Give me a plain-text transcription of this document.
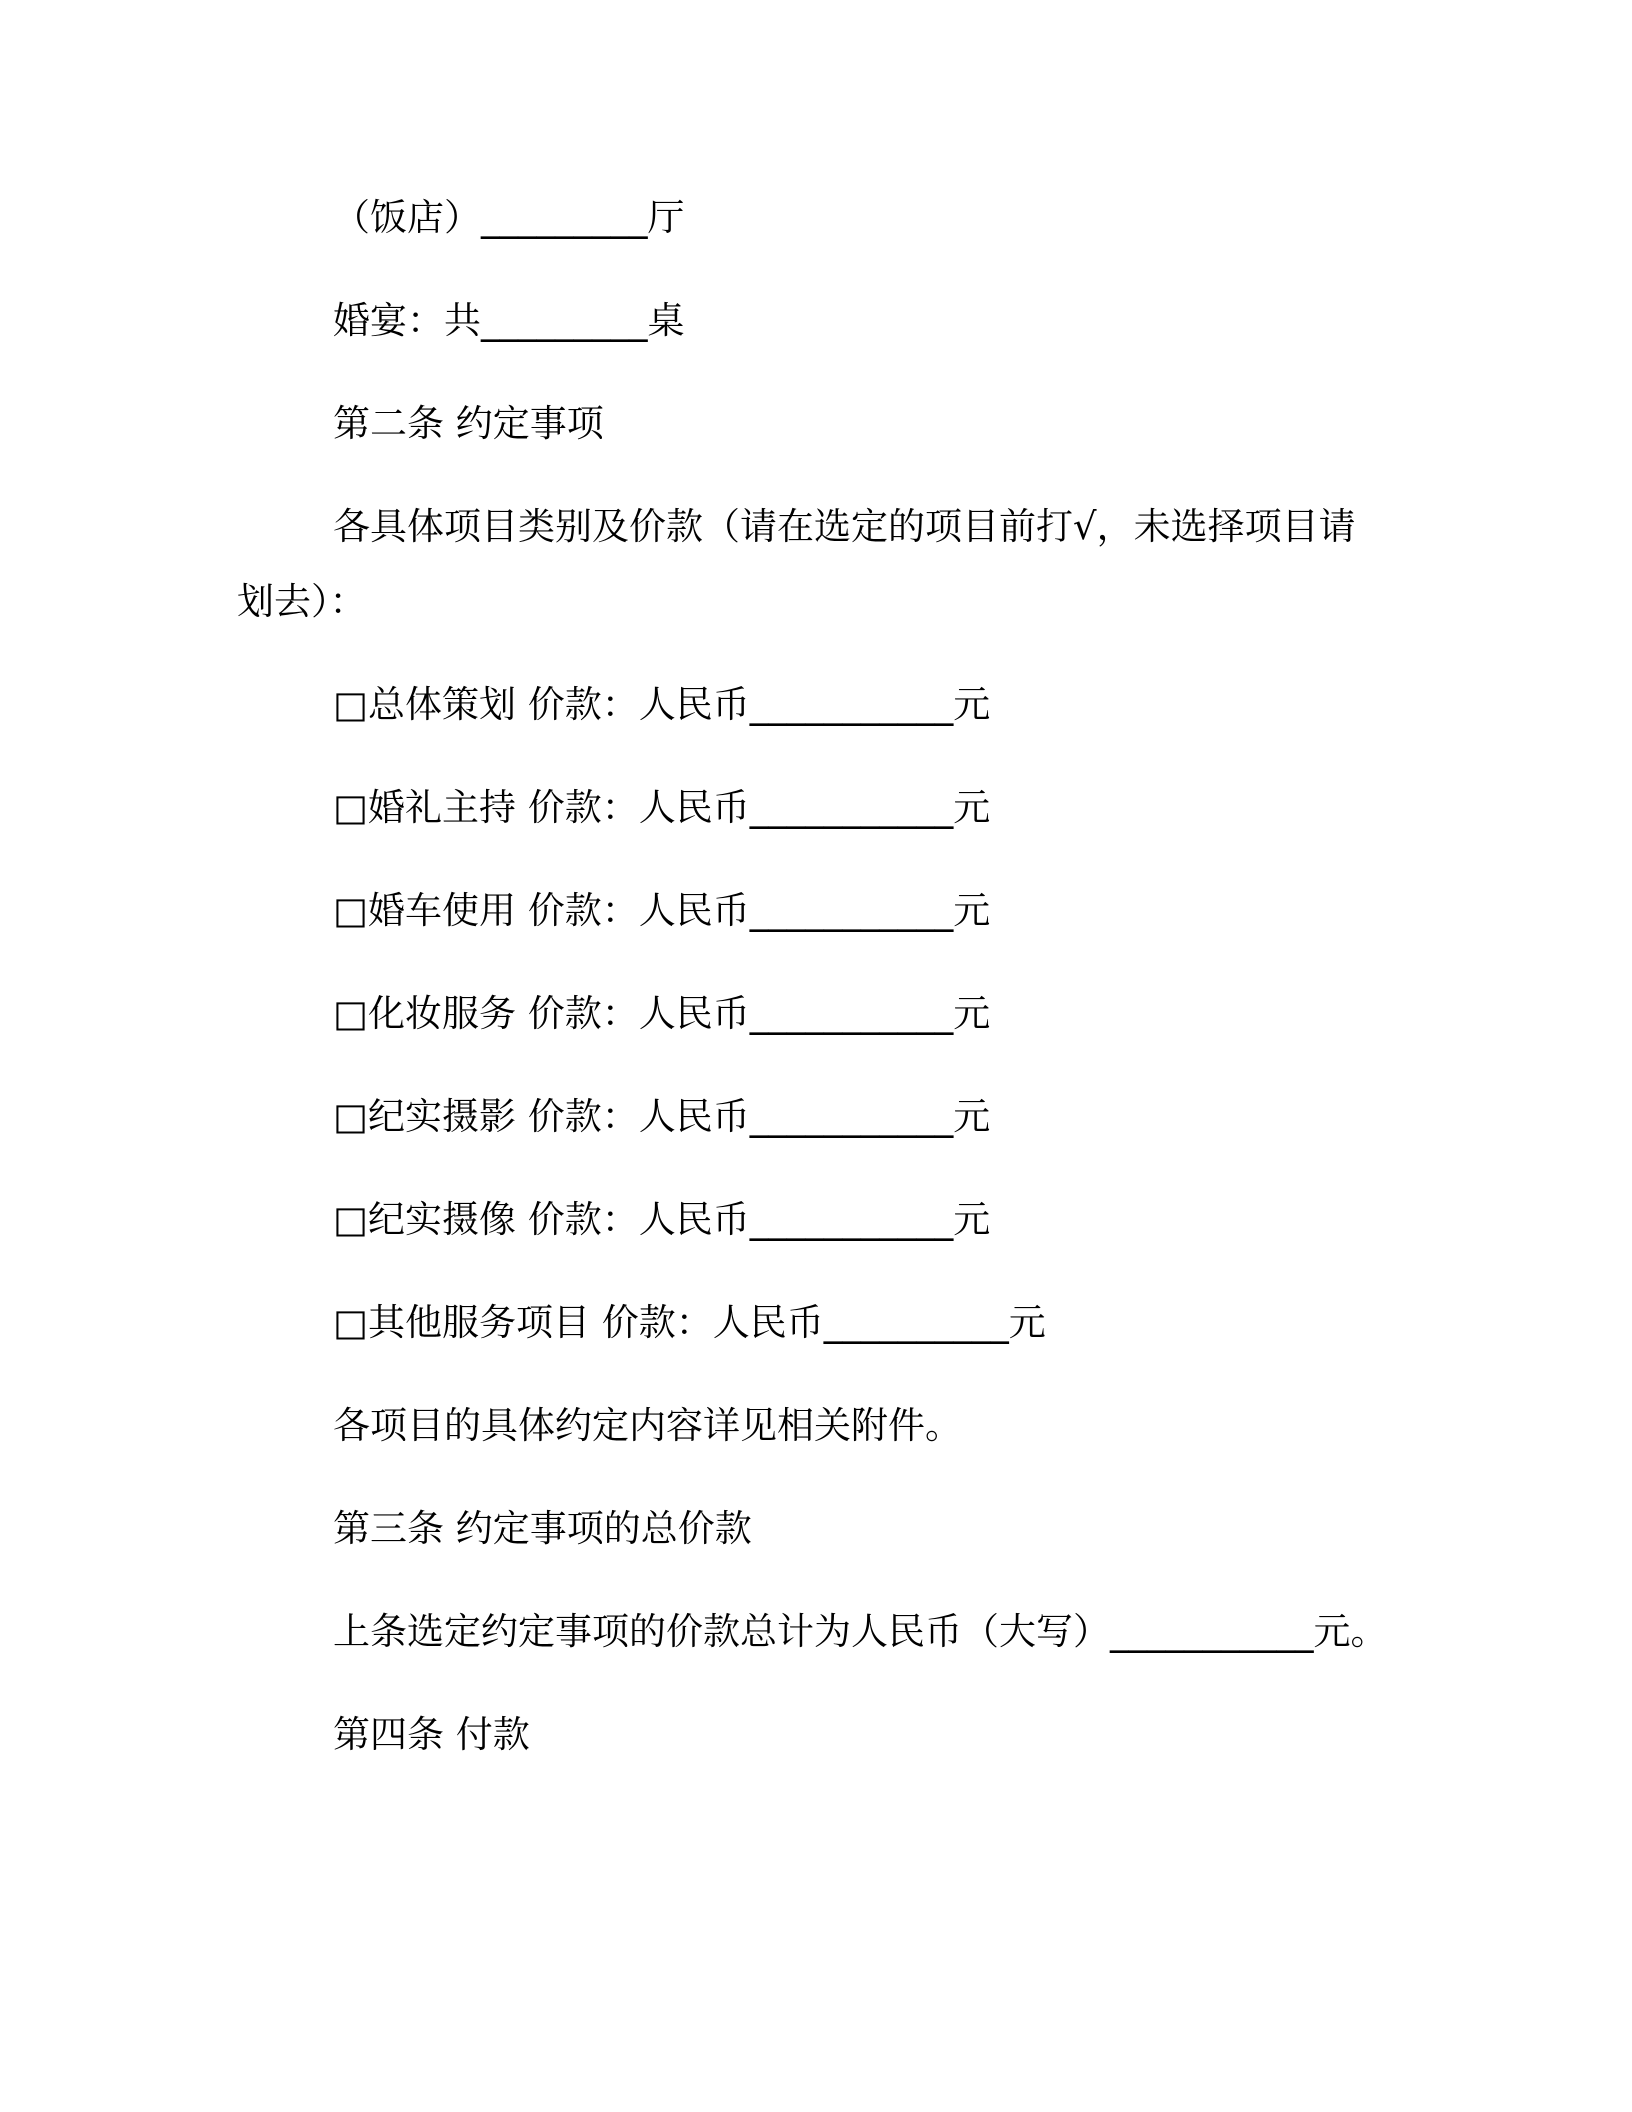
（饭店）_________厅

婚宴：共_________桌

第二条 约定事项

各具体项目类别及价款（请在选定的项目前打√，未选择项目请
划去）：

□总体策划 价款：人民币___________元

□婚礼主持 价款：人民币___________元

□婚车使用 价款：人民币___________元

□化妆服务 价款：人民币___________元

□纪实摄影 价款：人民币___________元

□纪实摄像 价款：人民币___________元

□其他服务项目 价款：人民币__________元

各项目的具体约定内容详见相关附件。

第三条 约定事项的总价款

上条选定约定事项的价款总计为人民币（大写）___________元。

第四条 付款
